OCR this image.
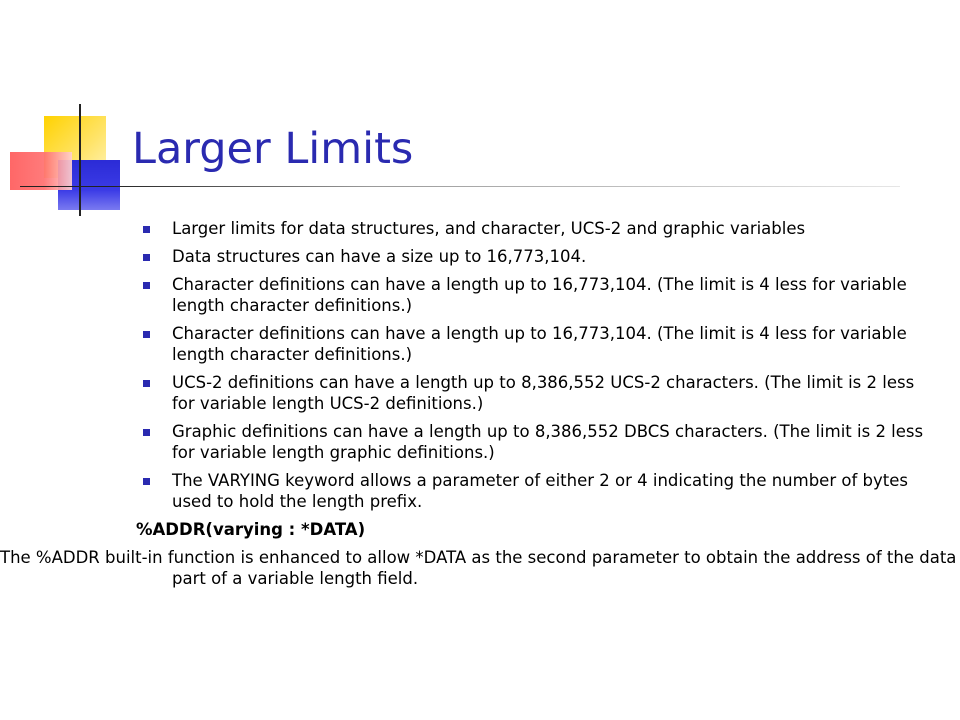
Larger Limits
Larger limits for data structures, and character, UCS-2 and graphic variables
Data structures can have a size up to 16,773,104.
Character definitions can have a length up to 16,773,104. (The limit is 4 less for variable length character definitions.)
Character definitions can have a length up to 16,773,104. (The limit is 4 less for variable length character definitions.)
UCS-2 definitions can have a length up to 8,386,552 UCS-2 characters. (The limit is 2 less for variable length UCS-2 definitions.)
Graphic definitions can have a length up to 8,386,552 DBCS characters. (The limit is 2 less for variable length graphic definitions.)
The VARYING keyword allows a parameter of either 2 or 4 indicating the number of bytes used to hold the length prefix.

%ADDR(varying : *DATA)

The %ADDR built-in function is enhanced to allow *DATA as the second parameter to obtain the address of the data part of a variable length field.
